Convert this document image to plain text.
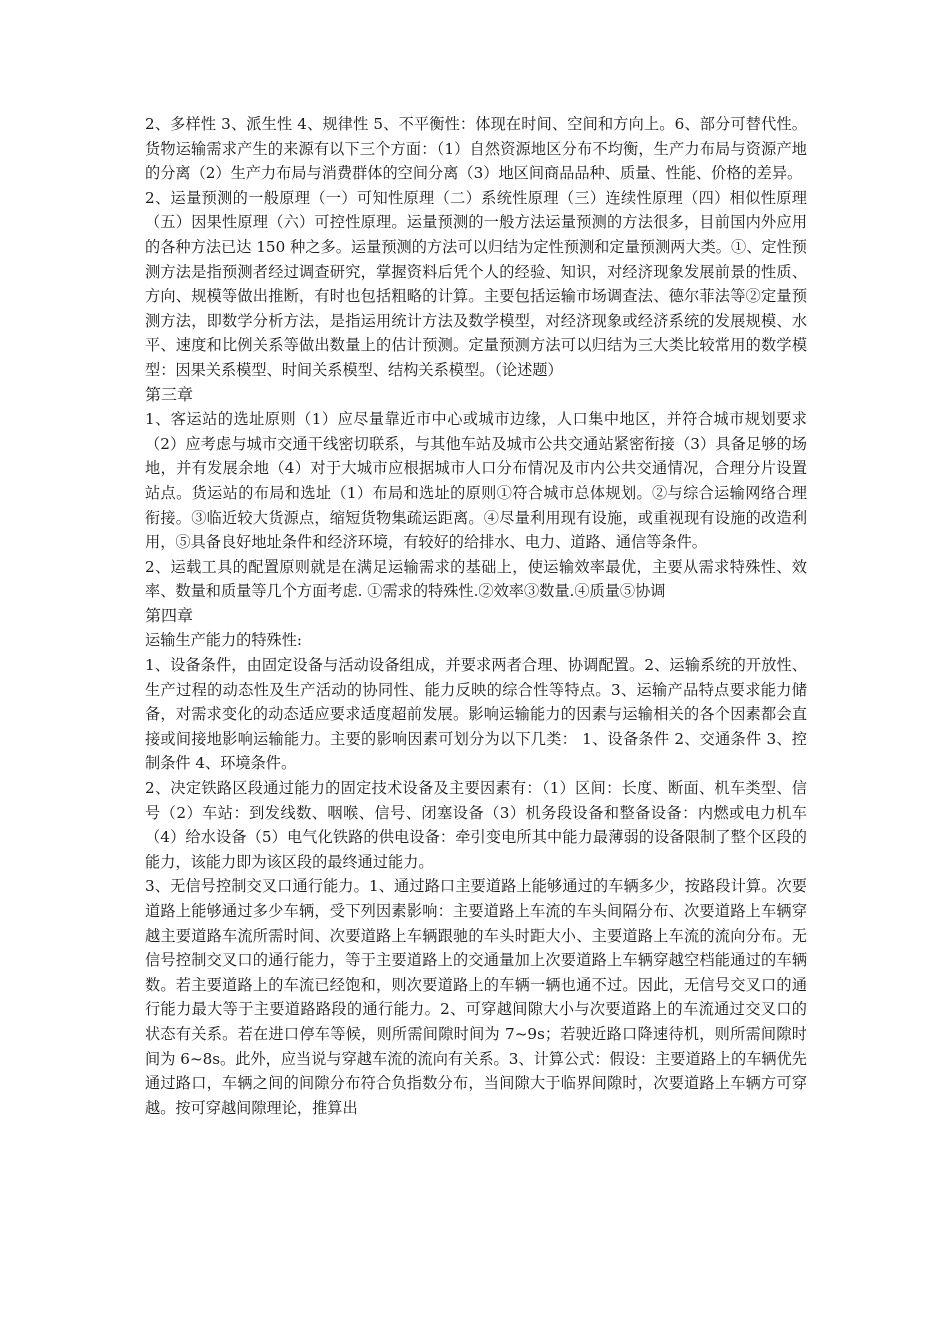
2、多样性 3、派生性 4、规律性 5、不平衡性：体现在时间、空间和方向上。6、部分可替代性。货物运输需求产生的来源有以下三个方面：（1）自然资源地区分布不均衡，生产力布局与资源产地的分离（2）生产力布局与消费群体的空间分离（3）地区间商品品种、质量、性能、价格的差异。

2、运量预测的一般原理（一）可知性原理（二）系统性原理（三）连续性原理（四）相似性原理（五）因果性原理（六）可控性原理。运量预测的一般方法运量预测的方法很多，目前国内外应用的各种方法已达 150 种之多。运量预测的方法可以归结为定性预测和定量预测两大类。①、定性预测方法是指预测者经过调查研究，掌握资料后凭个人的经验、知识，对经济现象发展前景的性质、方向、规模等做出推断，有时也包括粗略的计算。主要包括运输市场调查法、德尔菲法等②定量预测方法，即数学分析方法，是指运用统计方法及数学模型，对经济现象或经济系统的发展规模、水平、速度和比例关系等做出数量上的估计预测。定量预测方法可以归结为三大类比较常用的数学模型：因果关系模型、时间关系模型、结构关系模型。（论述题）

第三章

1、客运站的选址原则（1）应尽量靠近市中心或城市边缘，人口集中地区，并符合城市规划要求（2）应考虑与城市交通干线密切联系，与其他车站及城市公共交通站紧密衔接（3）具备足够的场地，并有发展余地（4）对于大城市应根据城市人口分布情况及市内公共交通情况，合理分片设置站点。货运站的布局和选址（1）布局和选址的原则①符合城市总体规划。②与综合运输网络合理衔接。③临近较大货源点，缩短货物集疏运距离。④尽量利用现有设施，或重视现有设施的改造利用，⑤具备良好地址条件和经济环境，有较好的给排水、电力、道路、通信等条件。

2、运载工具的配置原则就是在满足运输需求的基础上，使运输效率最优，主要从需求特殊性、效率、数量和质量等几个方面考虑. ①需求的特殊性.②效率③数量.④质量⑤协调

第四章

运输生产能力的特殊性:

1、设备条件，由固定设备与活动设备组成，并要求两者合理、协调配置。2、运输系统的开放性、生产过程的动态性及生产活动的协同性、能力反映的综合性等特点。3、运输产品特点要求能力储备，对需求变化的动态适应要求适度超前发展。影响运输能力的因素与运输相关的各个因素都会直接或间接地影响运输能力。主要的影响因素可划分为以下几类： 1、设备条件 2、交通条件 3、控制条件 4、环境条件。

2、决定铁路区段通过能力的固定技术设备及主要因素有：（1）区间：长度、断面、机车类型、信号（2）车站：到发线数、咽喉、信号、闭塞设备（3）机务段设备和整备设备：内燃或电力机车（4）给水设备（5）电气化铁路的供电设备：牵引变电所其中能力最薄弱的设备限制了整个区段的能力，该能力即为该区段的最终通过能力。

3、无信号控制交叉口通行能力。1、通过路口主要道路上能够通过的车辆多少，按路段计算。次要道路上能够通过多少车辆，受下列因素影响：主要道路上车流的车头间隔分布、次要道路上车辆穿越主要道路车流所需时间、次要道路上车辆跟驰的车头时距大小、主要道路上车流的流向分布。无信号控制交叉口的通行能力，等于主要道路上的交通量加上次要道路上车辆穿越空档能通过的车辆数。若主要道路上的车流已经饱和，则次要道路上的车辆一辆也通不过。因此，无信号交叉口的通行能力最大等于主要道路路段的通行能力。2、可穿越间隙大小与次要道路上的车流通过交叉口的状态有关系。若在进口停车等候，则所需间隙时间为 7~9s；若驶近路口降速待机，则所需间隙时间为 6~8s。此外，应当说与穿越车流的流向有关系。3、计算公式：假设：主要道路上的车辆优先通过路口，车辆之间的间隙分布符合负指数分布，当间隙大于临界间隙时，次要道路上车辆方可穿越。按可穿越间隙理论，推算出
